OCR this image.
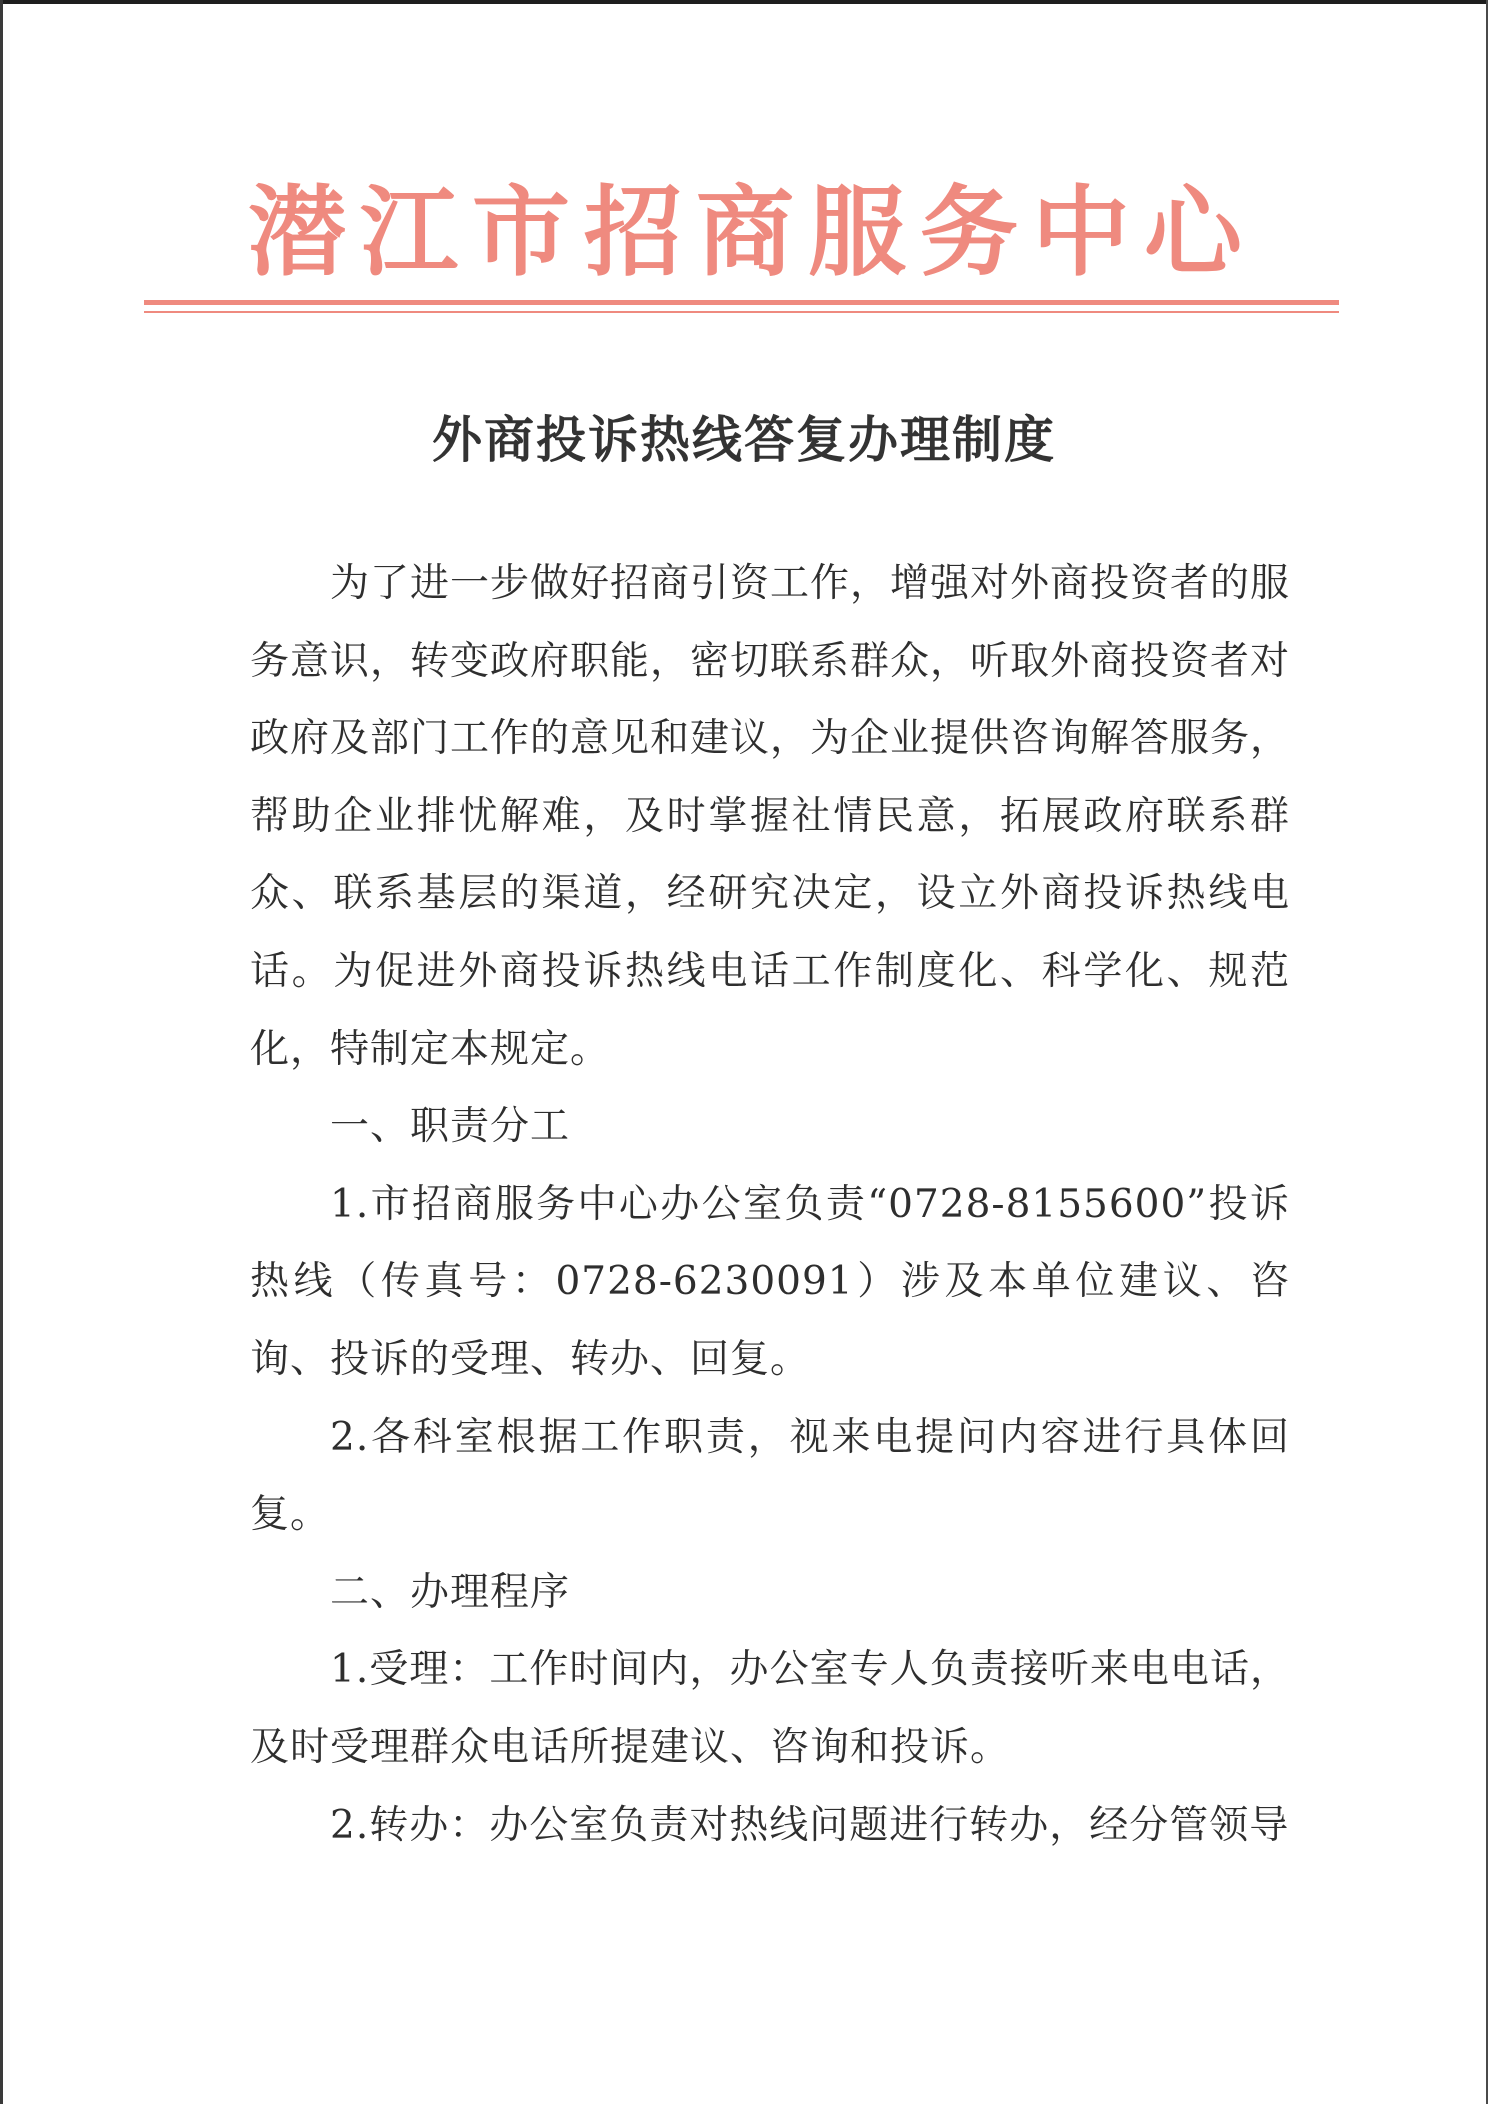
潜江市招商服务中心
外商投诉热线答复办理制度

为了进一步做好招商引资工作，增强对外商投资者的服务意识，转变政府职能，密切联系群众，听取外商投资者对政府及部门工作的意见和建议，为企业提供咨询解答服务，帮助企业排忧解难，及时掌握社情民意，拓展政府联系群众、联系基层的渠道，经研究决定，设立外商投诉热线电话。为促进外商投诉热线电话工作制度化、科学化、规范化，特制定本规定。

一、职责分工

1.市招商服务中心办公室负责“0728-8155600”投诉热线（传真号：0728-6230091）涉及本单位建议、咨询、投诉的受理、转办、回复。

2.各科室根据工作职责，视来电提问内容进行具体回复。

二、办理程序

1.受理：工作时间内，办公室专人负责接听来电电话，及时受理群众电话所提建议、咨询和投诉。

2.转办：办公室负责对热线问题进行转办，经分管领导
